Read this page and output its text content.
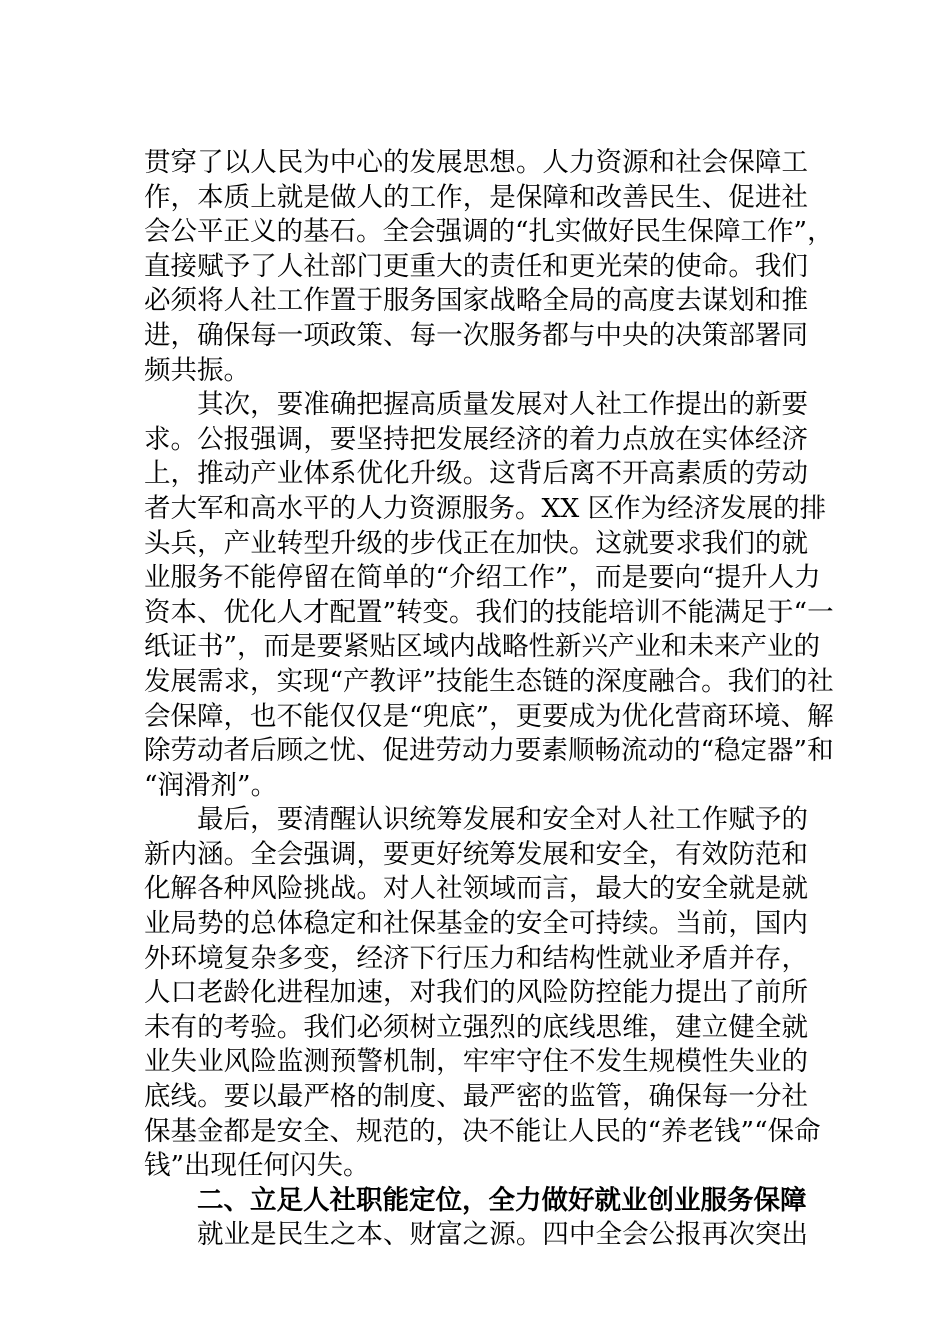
贯穿了以人民为中心的发展思想。人力资源和社会保障工
作，本质上就是做人的工作，是保障和改善民生、促进社
会公平正义的基石。全会强调的“扎实做好民生保障工作”，
直接赋予了人社部门更重大的责任和更光荣的使命。我们
必须将人社工作置于服务国家战略全局的高度去谋划和推
进，确保每一项政策、每一次服务都与中央的决策部署同
频共振。
其次，要准确把握高质量发展对人社工作提出的新要
求。公报强调，要坚持把发展经济的着力点放在实体经济
上，推动产业体系优化升级。这背后离不开高素质的劳动
者大军和高水平的人力资源服务。XX 区作为经济发展的排
头兵，产业转型升级的步伐正在加快。这就要求我们的就
业服务不能停留在简单的“介绍工作”，而是要向“提升人力
资本、优化人才配置”转变。我们的技能培训不能满足于“一
纸证书”，而是要紧贴区域内战略性新兴产业和未来产业的
发展需求，实现“产教评”技能生态链的深度融合。我们的社
会保障，也不能仅仅是“兜底”，更要成为优化营商环境、解
除劳动者后顾之忧、促进劳动力要素顺畅流动的“稳定器”和
“润滑剂”。
最后，要清醒认识统筹发展和安全对人社工作赋予的
新内涵。全会强调，要更好统筹发展和安全，有效防范和
化解各种风险挑战。对人社领域而言，最大的安全就是就
业局势的总体稳定和社保基金的安全可持续。当前，国内
外环境复杂多变，经济下行压力和结构性就业矛盾并存，
人口老龄化进程加速，对我们的风险防控能力提出了前所
未有的考验。我们必须树立强烈的底线思维，建立健全就
业失业风险监测预警机制，牢牢守住不发生规模性失业的
底线。要以最严格的制度、最严密的监管，确保每一分社
保基金都是安全、规范的，决不能让人民的“养老钱”“保命
钱”出现任何闪失。
二、立足人社职能定位，全力做好就业创业服务保障
就业是民生之本、财富之源。四中全会公报再次突出
